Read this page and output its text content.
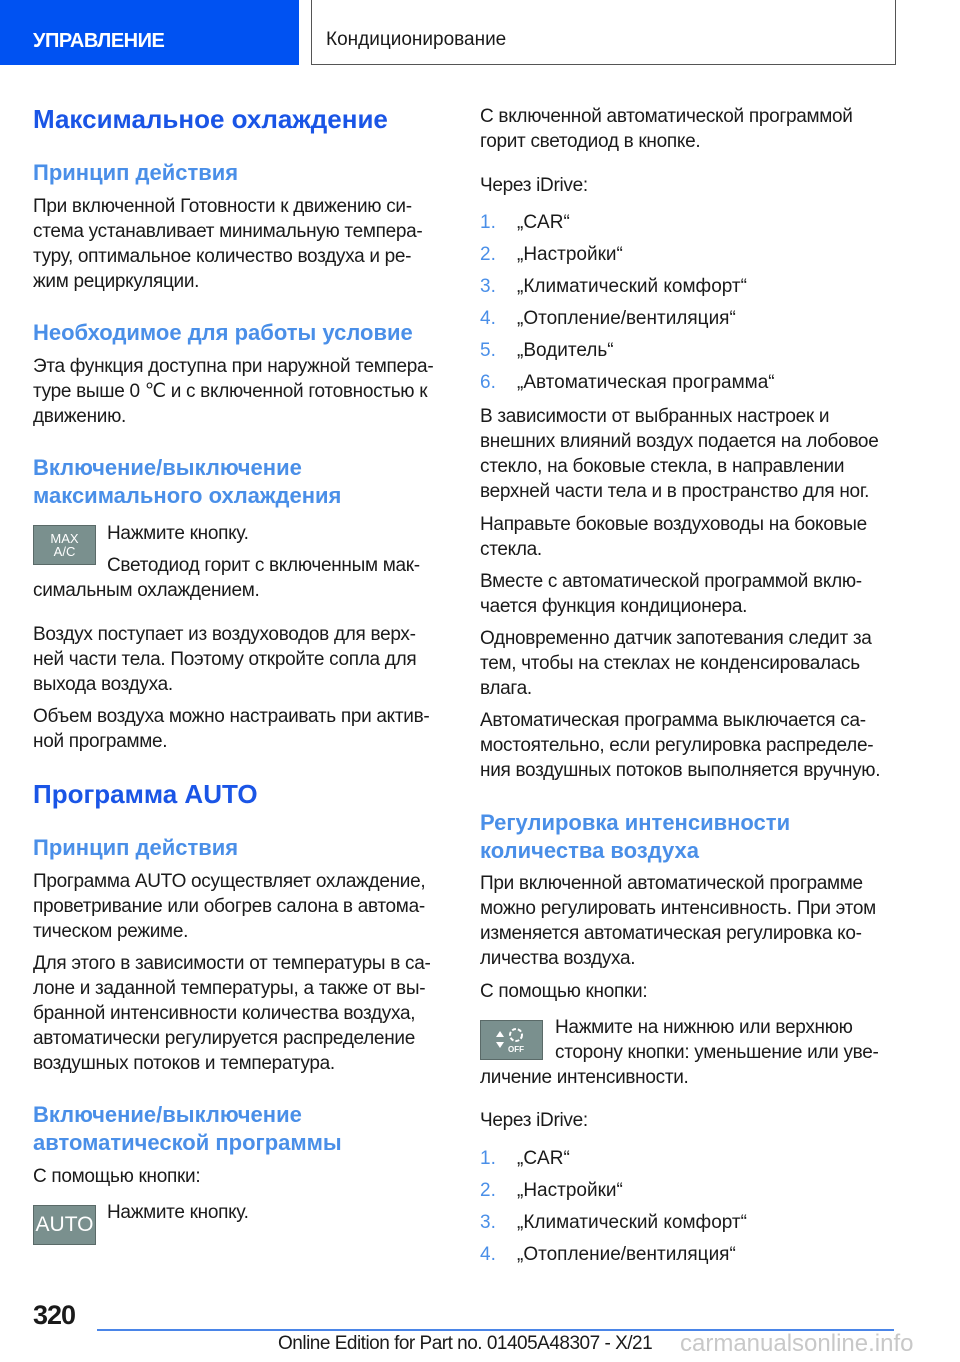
УПРАВЛЕНИЕ	Кондиционирование
Максимальное охлаждение
Принцип действия
При включенной Готовности к движению си-
стема устанавливает минимальную темпера-
туру, оптимальное количество воздуха и ре-
жим рециркуляции.
Необходимое для работы условие
Эта функция доступна при наружной темпера-
туре выше 0 ℃ и с включенной готовностью к
движению.
Включение/выключение
максимального охлаждения
MAX
A/C
Нажмите кнопку.
Светодиод горит с включенным мак-
симальным охлаждением.
Воздух поступает из воздуховодов для верх-
ней части тела. Поэтому откройте сопла для
выхода воздуха.
Объем воздуха можно настраивать при актив-
ной программе.
Программа AUTO
Принцип действия
Программа AUTO осуществляет охлаждение,
проветривание или обогрев салона в автома-
тическом режиме.
Для этого в зависимости от температуры в са-
лоне и заданной температуры, а также от вы-
бранной интенсивности количества воздуха,
автоматически регулируется распределение
воздушных потоков и температура.
Включение/выключение
автоматической программы
С помощью кнопки:
AUTO
Нажмите кнопку.
С включенной автоматической программой
горит светодиод в кнопке.
Через iDrive:
1.	„CAR“
2.	„Настройки“
3.	„Климатический комфорт“
4.	„Отопление/вентиляция“
5.	„Водитель“
6.	„Автоматическая программа“
В зависимости от выбранных настроек и
внешних влияний воздух подается на лобовое
стекло, на боковые стекла, в направлении
верхней части тела и в пространство для ног.
Направьте боковые воздуховоды на боковые
стекла.
Вместе с автоматической программой вклю-
чается функция кондиционера.
Одновременно датчик запотевания следит за
тем, чтобы на стеклах не конденсировалась
влага.
Автоматическая программа выключается са-
мостоятельно, если регулировка распределе-
ния воздушных потоков выполняется вручную.
Регулировка интенсивности
количества воздуха
При включенной автоматической программе
можно регулировать интенсивность. При этом
изменяется автоматическая регулировка ко-
личества воздуха.
С помощью кнопки:
OFF
Нажмите на нижнюю или верхнюю
сторону кнопки: уменьшение или уве-
личение интенсивности.
Через iDrive:
1.	„CAR“
2.	„Настройки“
3.	„Климатический комфорт“
4.	„Отопление/вентиляция“
320
Online Edition for Part no. 01405A48307 - X/21 carmanualsonline.info
